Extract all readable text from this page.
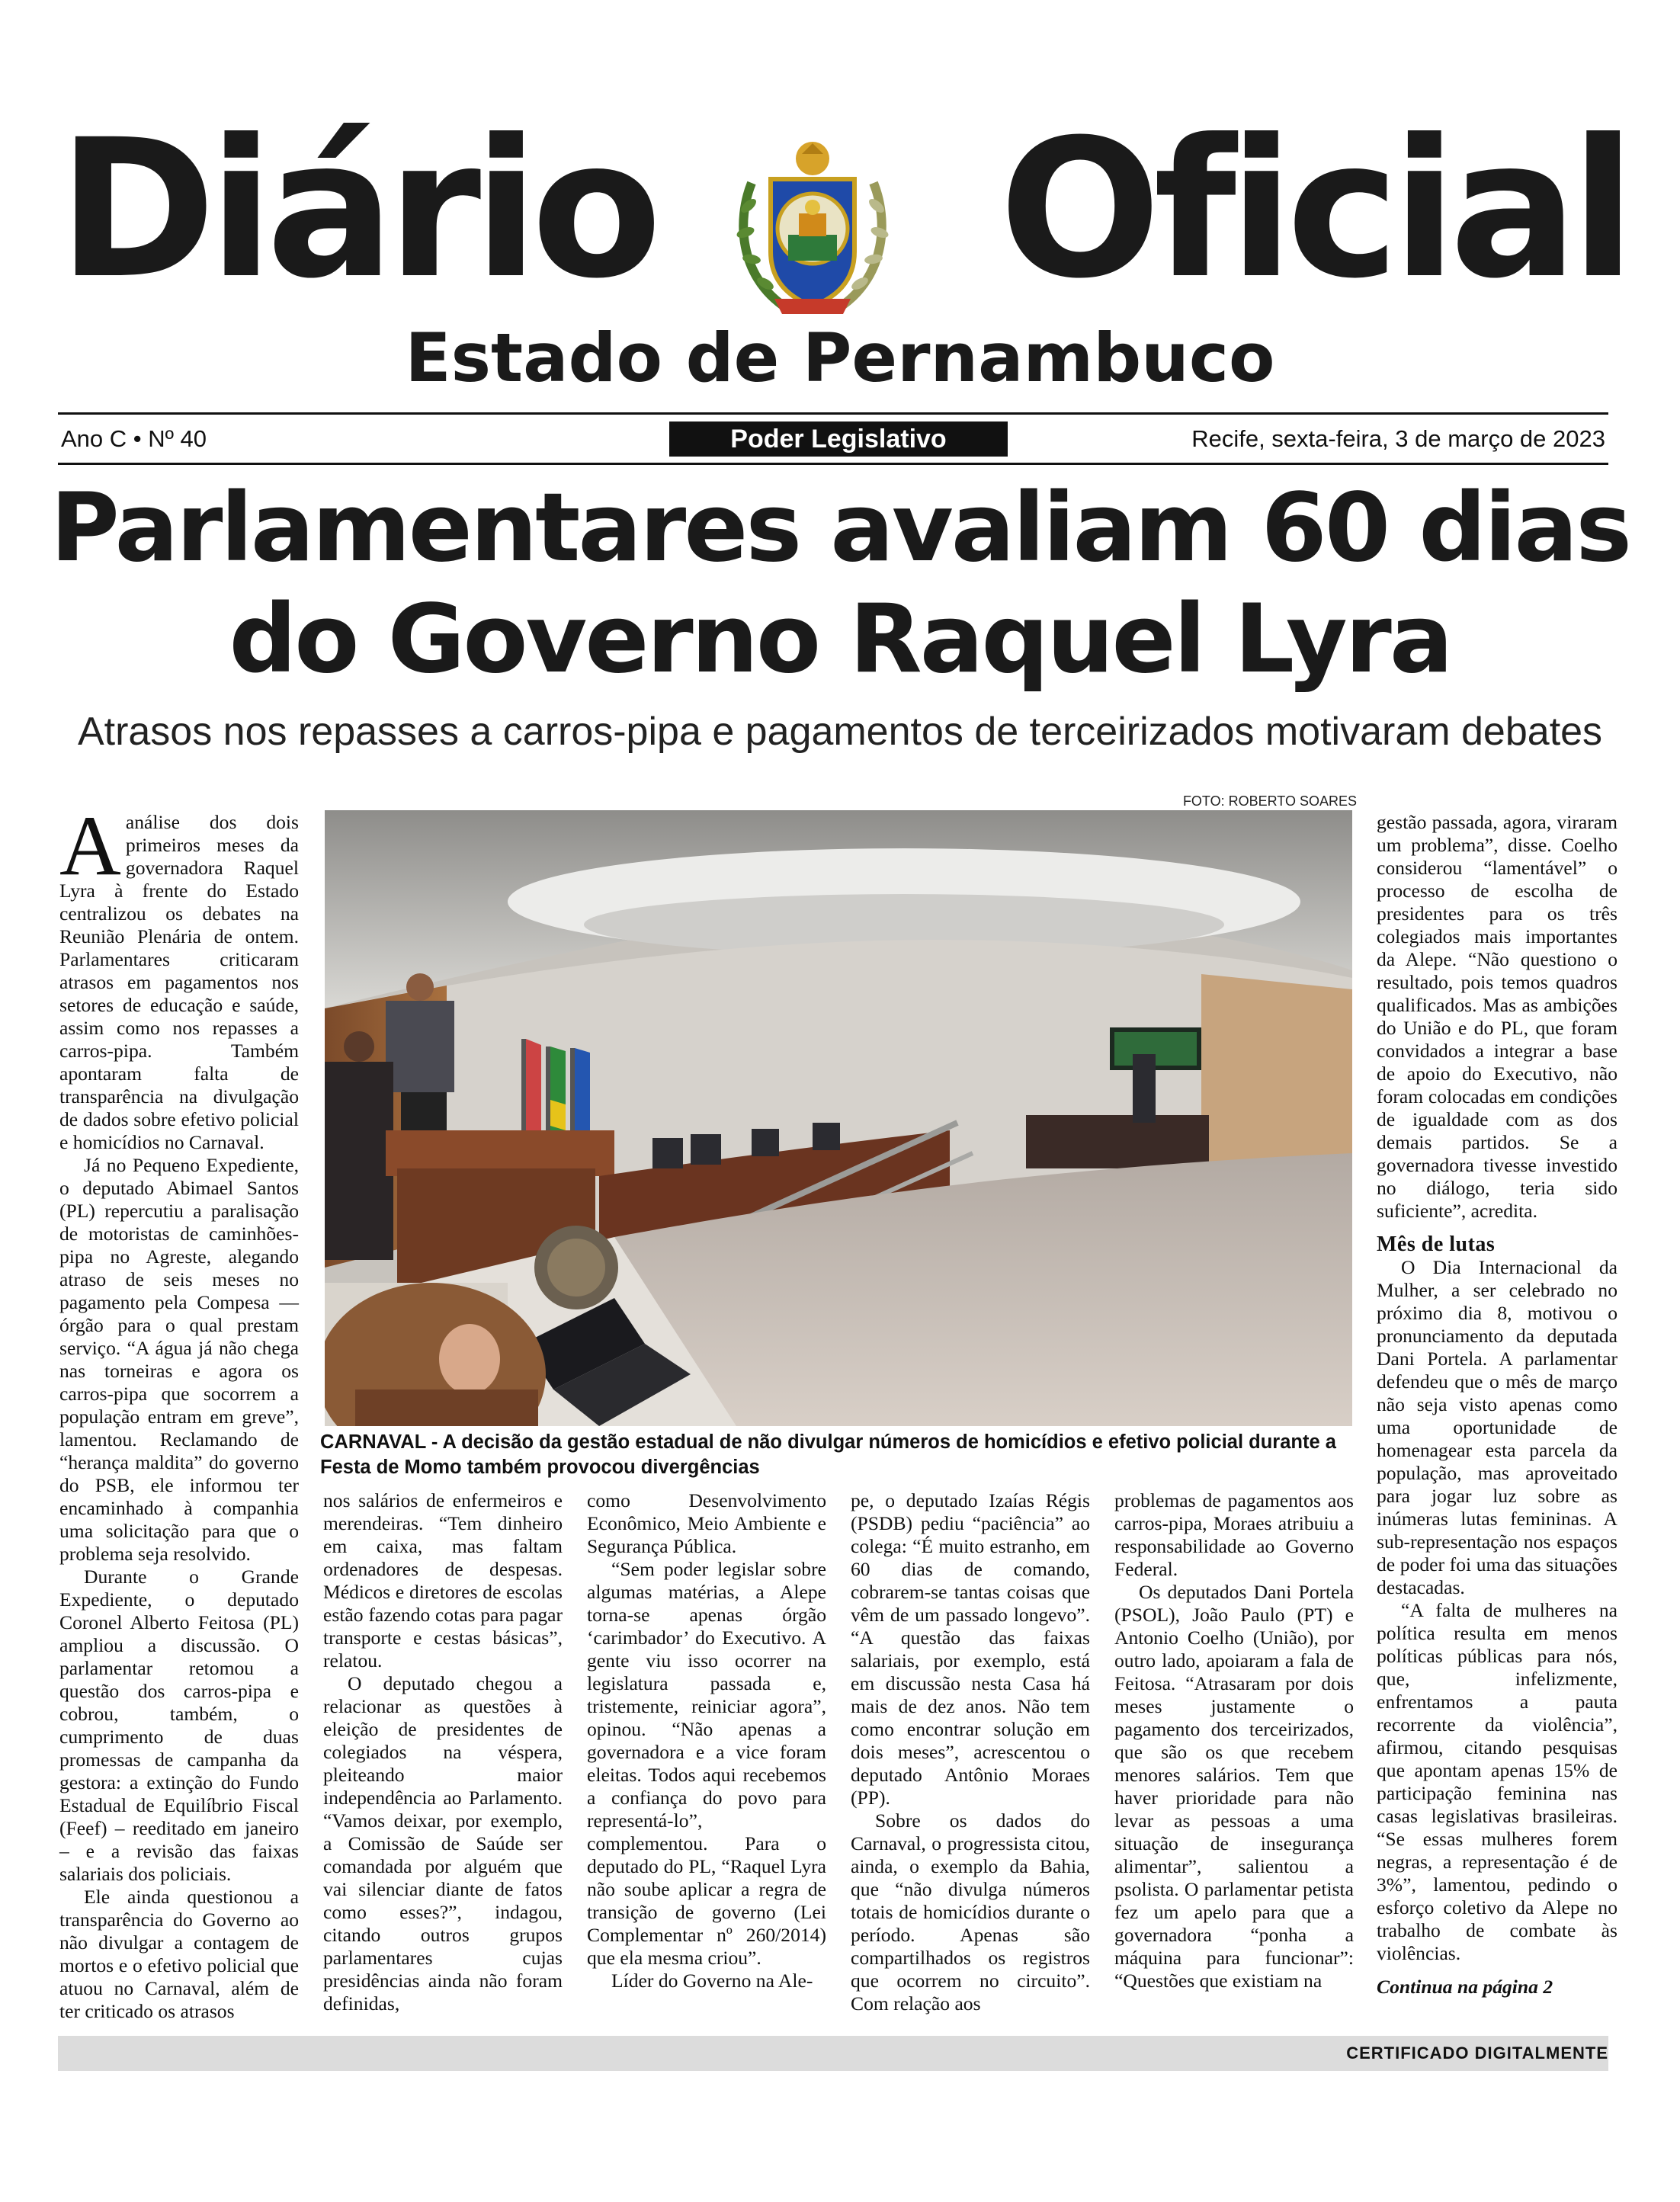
Diário Oficial
Estado de Pernambuco
Ano C • Nº 40	Poder Legislativo	Recife, sexta-feira, 3 de março de 2023
Parlamentares avaliam 60 dias
do Governo Raquel Lyra
Atrasos nos repasses a carros-pipa e pagamentos de terceirizados motivaram debates
FOTO: ROBERTO SOARES
CARNAVAL - A decisão da gestão estadual de não divulgar números de homicídios e efetivo policial durante a Festa de Momo também provocou divergências

Aanálise dos dois primeiros meses da governadora Raquel Lyra à frente do Estado centralizou os debates na Reunião Plenária de ontem. Parlamentares criticaram atrasos em pagamentos nos setores de educação e saúde, assim como nos repasses a carros-pipa. Também apontaram falta de transparência na divulgação de dados sobre efetivo policial e homicídios no Carnaval.

Já no Pequeno Expediente, o deputado Abimael Santos (PL) repercutiu a paralisação de motoristas de caminhões-pipa no Agreste, alegando atraso de seis meses no pagamento pela Compesa — órgão para o qual prestam serviço. “A água já não chega nas torneiras e agora os carros-pipa que socorrem a população entram em greve”, lamentou. Reclamando de “herança maldita” do governo do PSB, ele informou ter encaminhado à companhia uma solicitação para que o problema seja resolvido.

Durante o Grande Expediente, o deputado Coronel Alberto Feitosa (PL) ampliou a discussão. O parlamentar retomou a questão dos carros-pipa e cobrou, também, o cumprimento de duas promessas de campanha da gestora: a extinção do Fundo Estadual de Equilíbrio Fiscal (Feef) – reeditado em janeiro – e a revisão das faixas salariais dos policiais.

Ele ainda questionou a transparência do Governo ao não divulgar a contagem de mortos e o efetivo policial que atuou no Carnaval, além de ter criticado os atrasos

nos salários de enfermeiros e merendeiras. “Tem dinheiro em caixa, mas faltam ordenadores de despesas. Médicos e diretores de escolas estão fazendo cotas para pagar transporte e cestas básicas”, relatou.

O deputado chegou a relacionar as questões à eleição de presidentes de colegiados na véspera, pleiteando maior independência ao Parlamento. “Vamos deixar, por exemplo, a Comissão de Saúde ser comandada por alguém que vai silenciar diante de fatos como esses?”, indagou, citando outros grupos parlamentares cujas presidências ainda não foram definidas,

como Desenvolvimento Econômico, Meio Ambiente e Segurança Pública.

“Sem poder legislar sobre algumas matérias, a Alepe torna-se apenas órgão ‘carimbador’ do Executivo. A gente viu isso ocorrer na legislatura passada e, tristemente, reiniciar agora”, opinou. “Não apenas a governadora e a vice foram eleitas. Todos aqui recebemos a confiança do povo para representá-lo”, complementou. Para o deputado do PL, “Raquel Lyra não soube aplicar a regra de transição de governo (Lei Complementar nº 260/2014) que ela mesma criou”.

Líder do Governo na Ale-

pe, o deputado Izaías Régis (PSDB) pediu “paciência” ao colega: “É muito estranho, em 60 dias de comando, cobrarem-se tantas coisas que vêm de um passado longevo”. “A questão das faixas salariais, por exemplo, está em discussão nesta Casa há mais de dez anos. Não tem como encontrar solução em dois meses”, acrescentou o deputado Antônio Moraes (PP).

Sobre os dados do Carnaval, o progressista citou, ainda, o exemplo da Bahia, que “não divulga números totais de homicídios durante o período. Apenas são compartilhados os registros que ocorrem no circuito”. Com relação aos

problemas de pagamentos aos carros-pipa, Moraes atribuiu a responsabilidade ao Governo Federal.

Os deputados Dani Portela (PSOL), João Paulo (PT) e Antonio Coelho (União), por outro lado, apoiaram a fala de Feitosa. “Atrasaram por dois meses justamente o pagamento dos terceirizados, que são os que recebem menores salários. Tem que haver prioridade para não levar as pessoas a uma situação de insegurança alimentar”, salientou a psolista. O parlamentar petista fez um apelo para que a governadora “ponha a máquina para funcionar”: “Questões que existiam na

gestão passada, agora, viraram um problema”, disse. Coelho considerou “lamentável” o processo de escolha de presidentes para os três colegiados mais importantes da Alepe. “Não questiono o resultado, pois temos quadros qualificados. Mas as ambições do União e do PL, que foram convidados a integrar a base de apoio do Executivo, não foram colocadas em condições de igualdade com as dos demais partidos. Se a governadora tivesse investido no diálogo, teria sido suficiente”, acredita.

Mês de lutas

O Dia Internacional da Mulher, a ser celebrado no próximo dia 8, motivou o pronunciamento da deputada Dani Portela. A parlamentar defendeu que o mês de março não seja visto apenas como uma oportunidade de homenagear esta parcela da população, mas aproveitado para jogar luz sobre as inúmeras lutas femininas. A sub-representação nos espaços de poder foi uma das situações destacadas.

“A falta de mulheres na política resulta em menos políticas públicas para nós, que, infelizmente, enfrentamos a pauta recorrente da violência”, afirmou, citando pesquisas que apontam apenas 15% de participação feminina nas casas legislativas brasileiras. “Se essas mulheres forem negras, a representação é de 3%”, lamentou, pedindo o esforço coletivo da Alepe no trabalho de combate às violências.

Continua na página 2

CERTIFICADO DIGITALMENTE
